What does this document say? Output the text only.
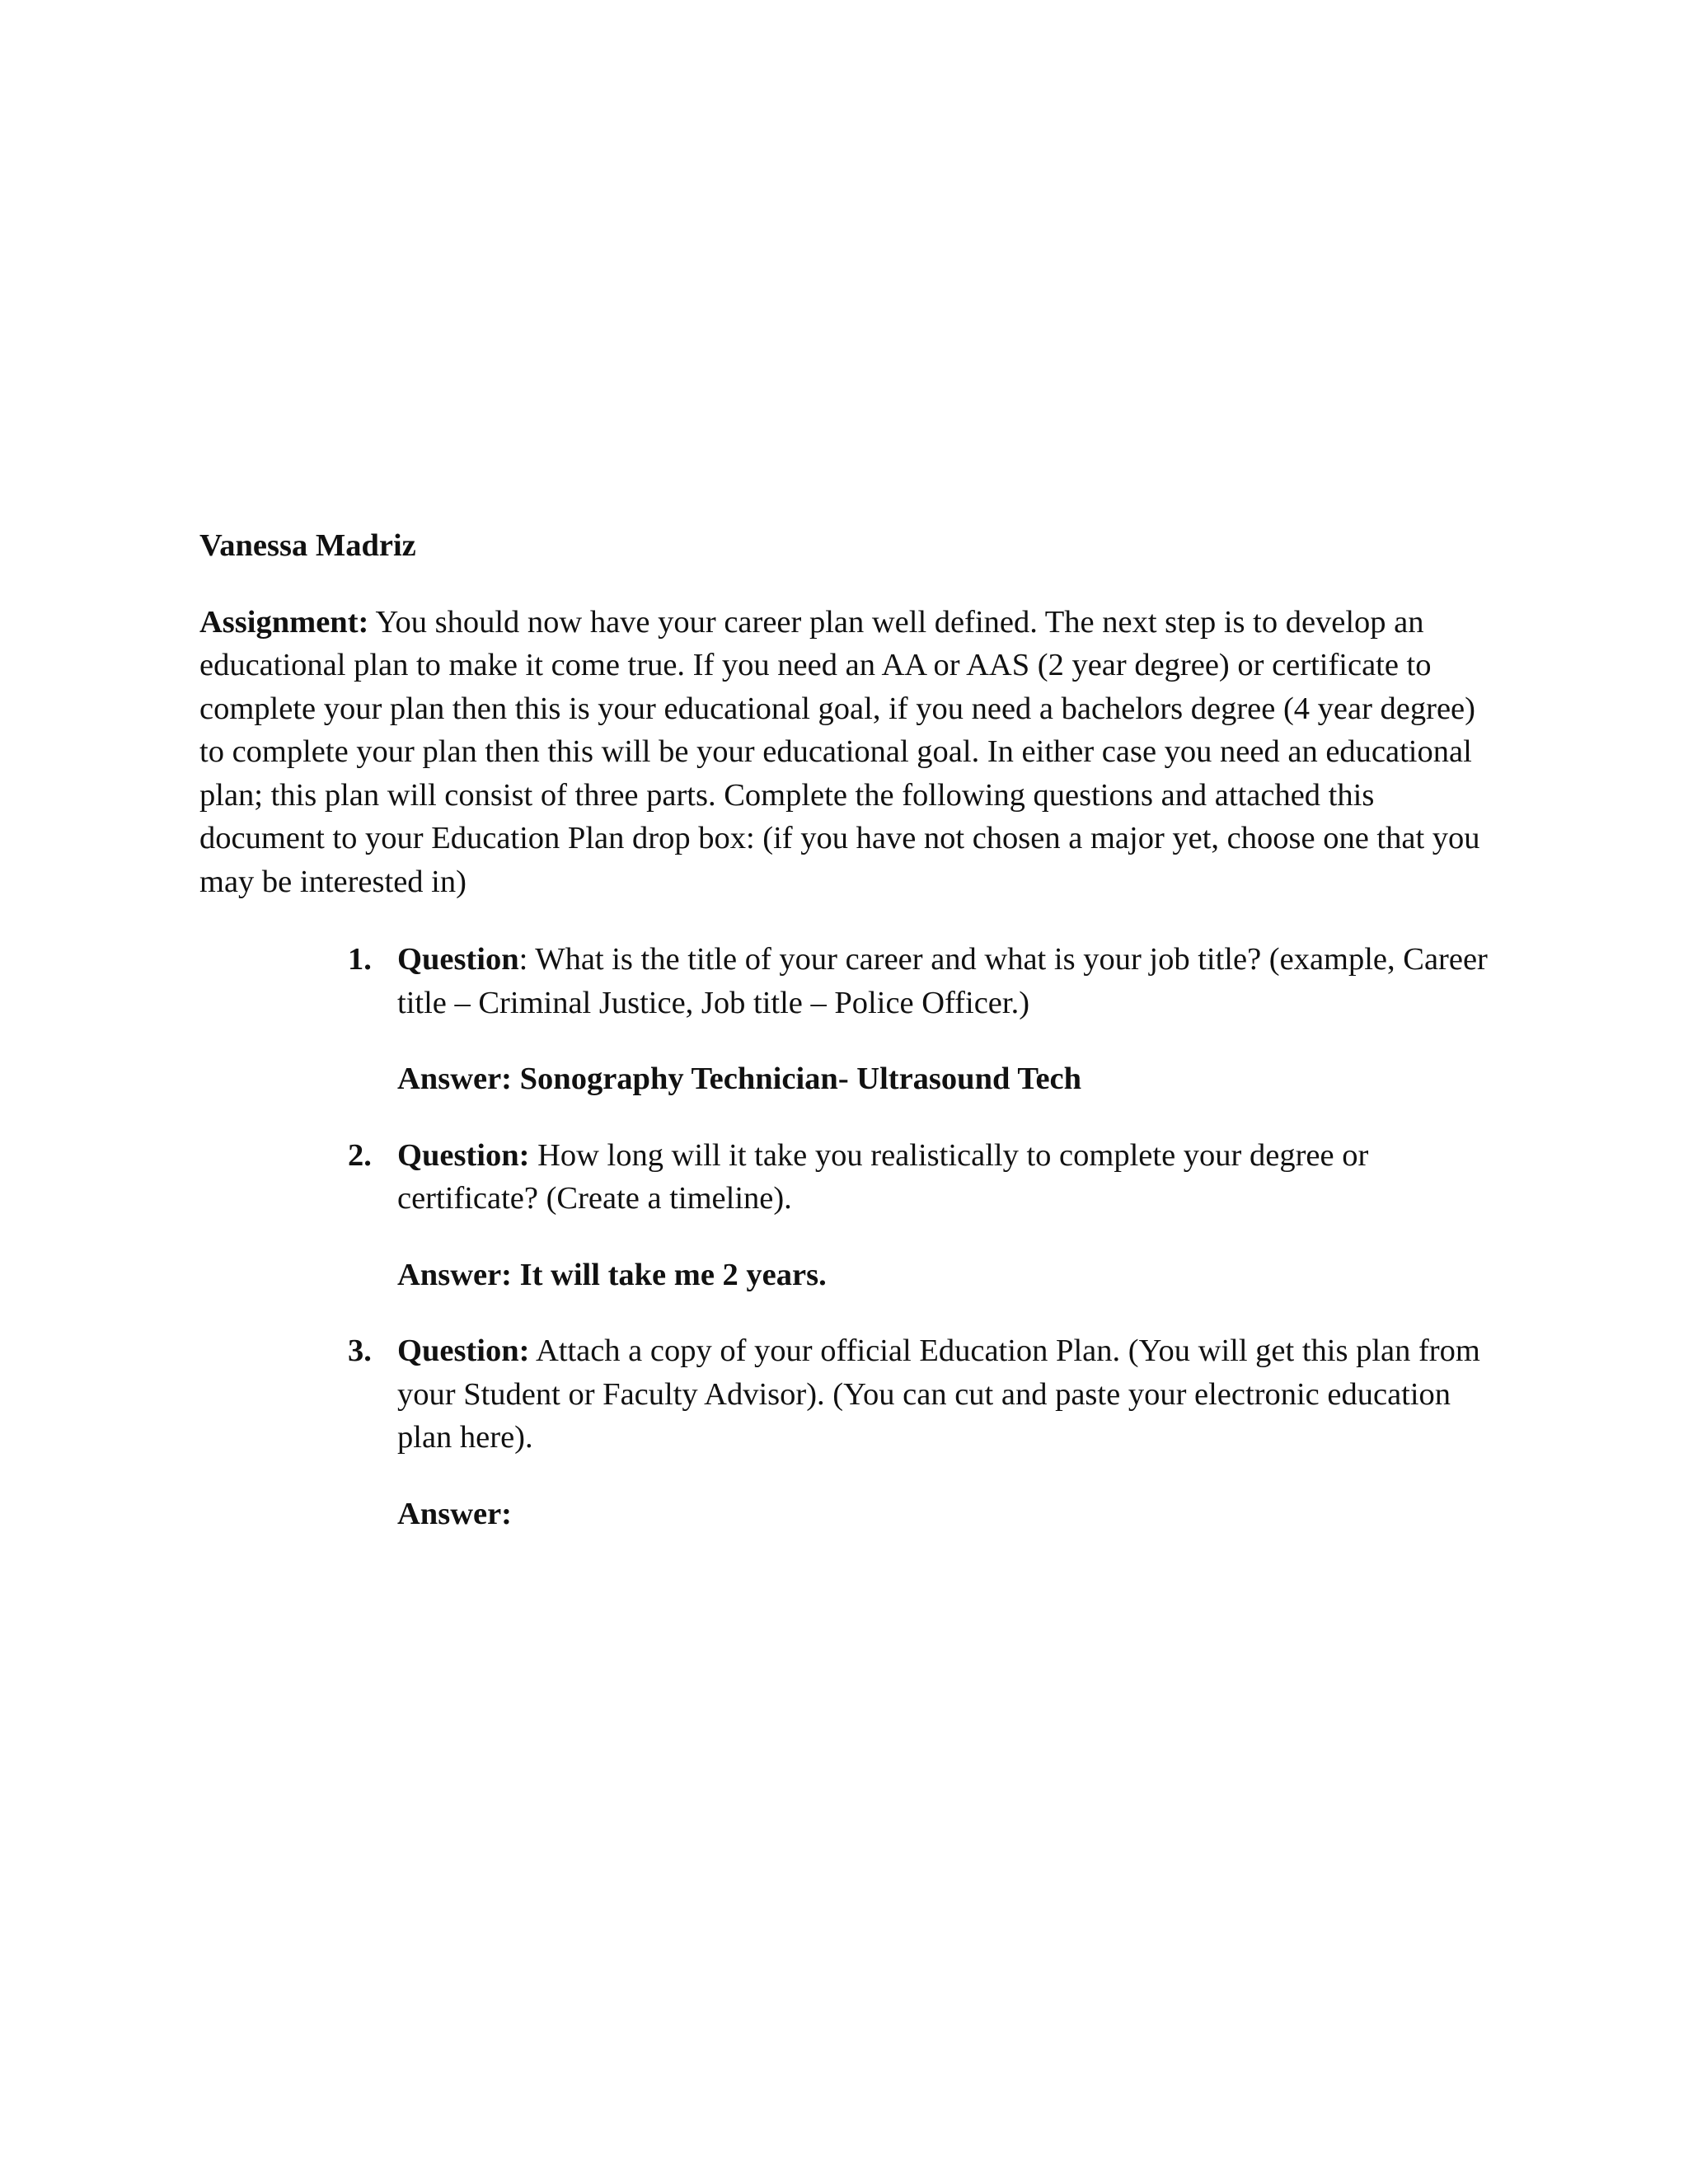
Vanessa Madriz

Assignment: You should now have your career plan well defined. The next step is to develop an educational plan to make it come true. If you need an AA or AAS (2 year degree) or certificate to complete your plan then this is your educational goal, if you need a bachelors degree (4 year degree) to complete your plan then this will be your educational goal. In either case you need an educational plan; this plan will consist of three parts. Complete the following questions and attached this document to your Education Plan drop box: (if you have not chosen a major yet, choose one that you may be interested in)

1. Question: What is the title of your career and what is your job title? (example, Career title – Criminal Justice, Job title – Police Officer.)
Answer: Sonography Technician- Ultrasound Tech
2. Question: How long will it take you realistically to complete your degree or certificate? (Create a timeline).
Answer: It will take me 2 years.
3. Question: Attach a copy of your official Education Plan. (You will get this plan from your Student or Faculty Advisor). (You can cut and paste your electronic education plan here).
Answer:
